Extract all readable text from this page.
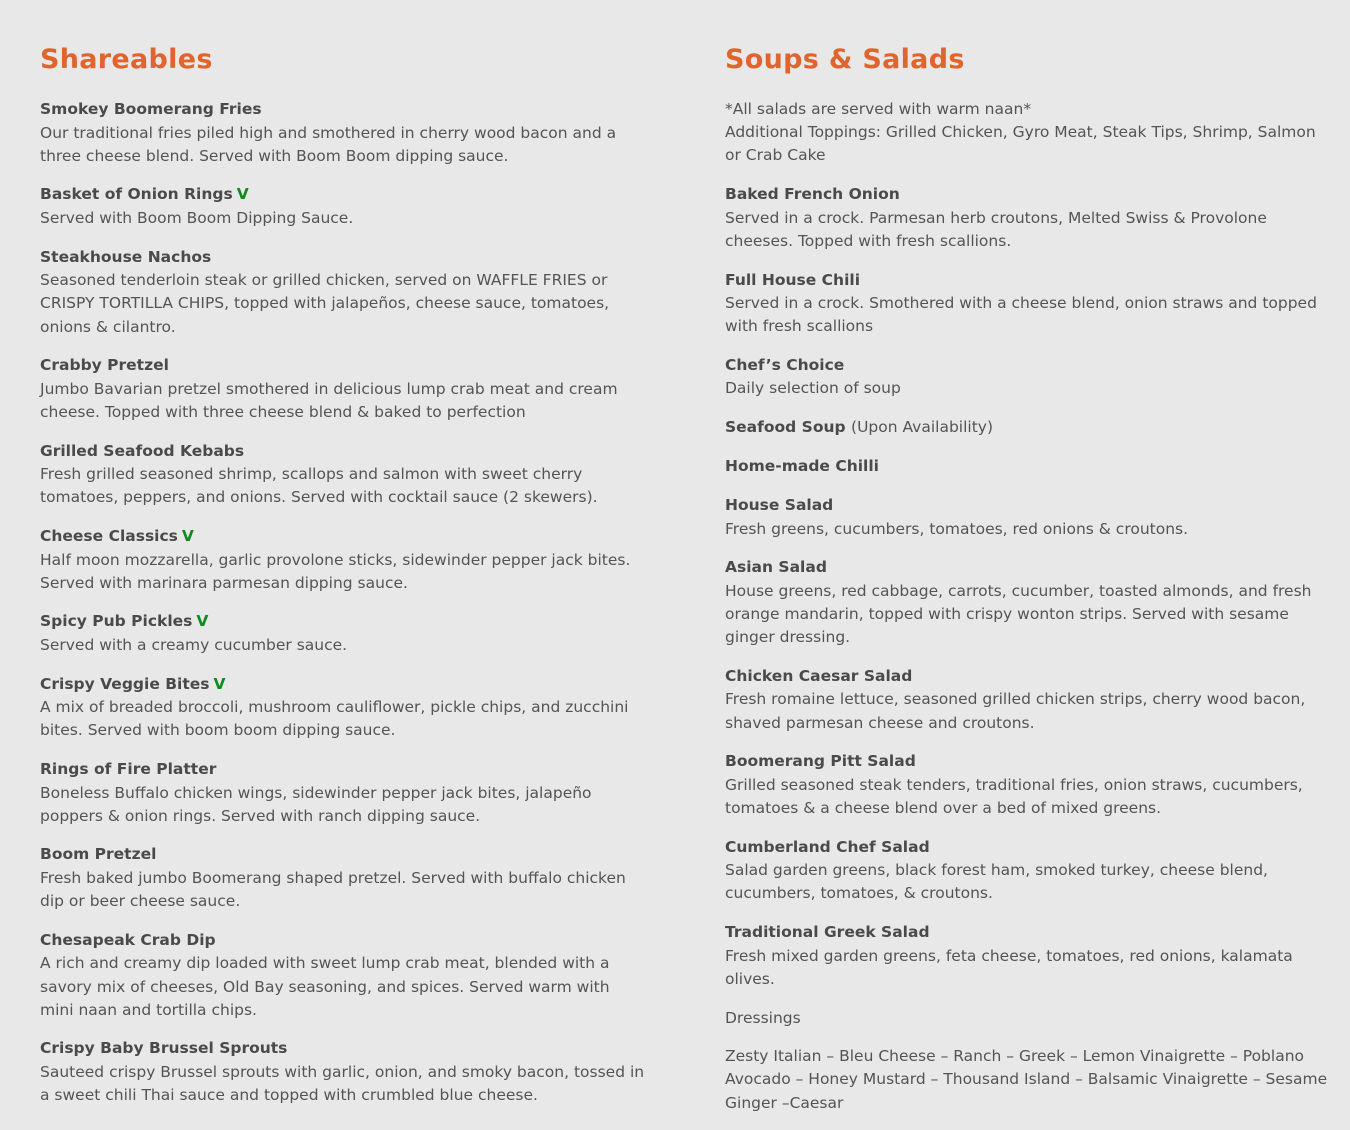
Shareables
Smokey Boomerang Fries
Our traditional fries piled high and smothered in cherry wood bacon and a three cheese blend. Served with Boom Boom dipping sauce.
Basket of Onion Rings V
Served with Boom Boom Dipping Sauce.
Steakhouse Nachos
Seasoned tenderloin steak or grilled chicken, served on WAFFLE FRIES or CRISPY TORTILLA CHIPS, topped with jalapeños, cheese sauce, tomatoes, onions & cilantro.
Crabby Pretzel
Jumbo Bavarian pretzel smothered in delicious lump crab meat and cream cheese. Topped with three cheese blend & baked to perfection
Grilled Seafood Kebabs
Fresh grilled seasoned shrimp, scallops and salmon with sweet cherry tomatoes, peppers, and onions. Served with cocktail sauce (2 skewers).
Cheese Classics V
Half moon mozzarella, garlic provolone sticks, sidewinder pepper jack bites. Served with marinara parmesan dipping sauce.
Spicy Pub Pickles V
Served with a creamy cucumber sauce.
Crispy Veggie Bites V
A mix of breaded broccoli, mushroom cauliflower, pickle chips, and zucchini bites. Served with boom boom dipping sauce.
Rings of Fire Platter
Boneless Buffalo chicken wings, sidewinder pepper jack bites, jalapeño poppers & onion rings. Served with ranch dipping sauce.
Boom Pretzel
Fresh baked jumbo Boomerang shaped pretzel. Served with buffalo chicken dip or beer cheese sauce.
Chesapeak Crab Dip
A rich and creamy dip loaded with sweet lump crab meat, blended with a savory mix of cheeses, Old Bay seasoning, and spices. Served warm with mini naan and tortilla chips.
Crispy Baby Brussel Sprouts
Sauteed crispy Brussel sprouts with garlic, onion, and smoky bacon, tossed in a sweet chili Thai sauce and topped with crumbled blue cheese.
Soups & Salads
*All salads are served with warm naan*
Additional Toppings: Grilled Chicken, Gyro Meat, Steak Tips, Shrimp, Salmon or Crab Cake
Baked French Onion
Served in a crock. Parmesan herb croutons, Melted Swiss & Provolone cheeses. Topped with fresh scallions.
Full House Chili
Served in a crock. Smothered with a cheese blend, onion straws and topped with fresh scallions
Chef’s Choice
Daily selection of soup
Seafood Soup (Upon Availability)
Home-made Chilli
House Salad
Fresh greens, cucumbers, tomatoes, red onions & croutons.
Asian Salad
House greens, red cabbage, carrots, cucumber, toasted almonds, and fresh orange mandarin, topped with crispy wonton strips. Served with sesame ginger dressing.
Chicken Caesar Salad
Fresh romaine lettuce, seasoned grilled chicken strips, cherry wood bacon, shaved parmesan cheese and croutons.
Boomerang Pitt Salad
Grilled seasoned steak tenders, traditional fries, onion straws, cucumbers, tomatoes & a cheese blend over a bed of mixed greens.
Cumberland Chef Salad
Salad garden greens, black forest ham, smoked turkey, cheese blend, cucumbers, tomatoes, & croutons.
Traditional Greek Salad
Fresh mixed garden greens, feta cheese, tomatoes, red onions, kalamata olives.
Dressings
Zesty Italian – Bleu Cheese – Ranch – Greek – Lemon Vinaigrette – Poblano Avocado – Honey Mustard – Thousand Island – Balsamic Vinaigrette – Sesame Ginger –Caesar
